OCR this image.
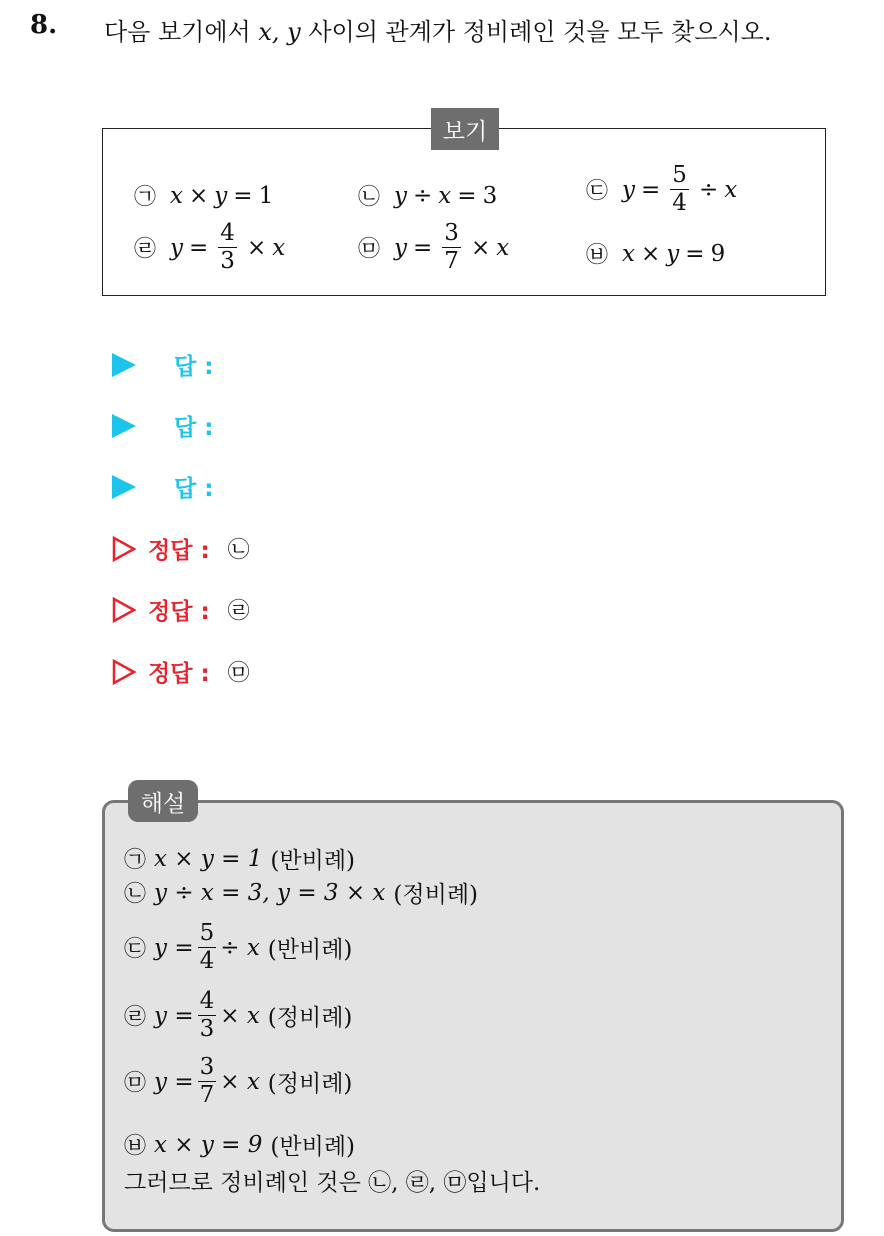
8. 다음 보기에서 x, y 사이의 관계가 정비례인 것을 모두 찾으시오.
보기
㉠ x × y = 1	㉡ y ÷ x = 3	㉢ $y = \frac{5}{4} \div x$
㉣ $y = \frac{4}{3} \times x$	㉤ $y = \frac{3}{7} \times x$	㉥ x × y = 9
답 :
답 :
답 :
정답 : ㉡
정답 : ㉣
정답 : ㉤
해설
㉠ x × y = 1 (반비례)
㉡ y ÷ x = 3, y = 3 × x (정비례)
㉢ $y = \frac{5}{4} \div x$ (반비례)
㉣ $y = \frac{4}{3} \times x$ (정비례)
㉤ $y = \frac{3}{7} \times x$ (정비례)
㉥ x × y = 9 (반비례)
그러므로 정비례인 것은 ㉡, ㉣, ㉤입니다.
